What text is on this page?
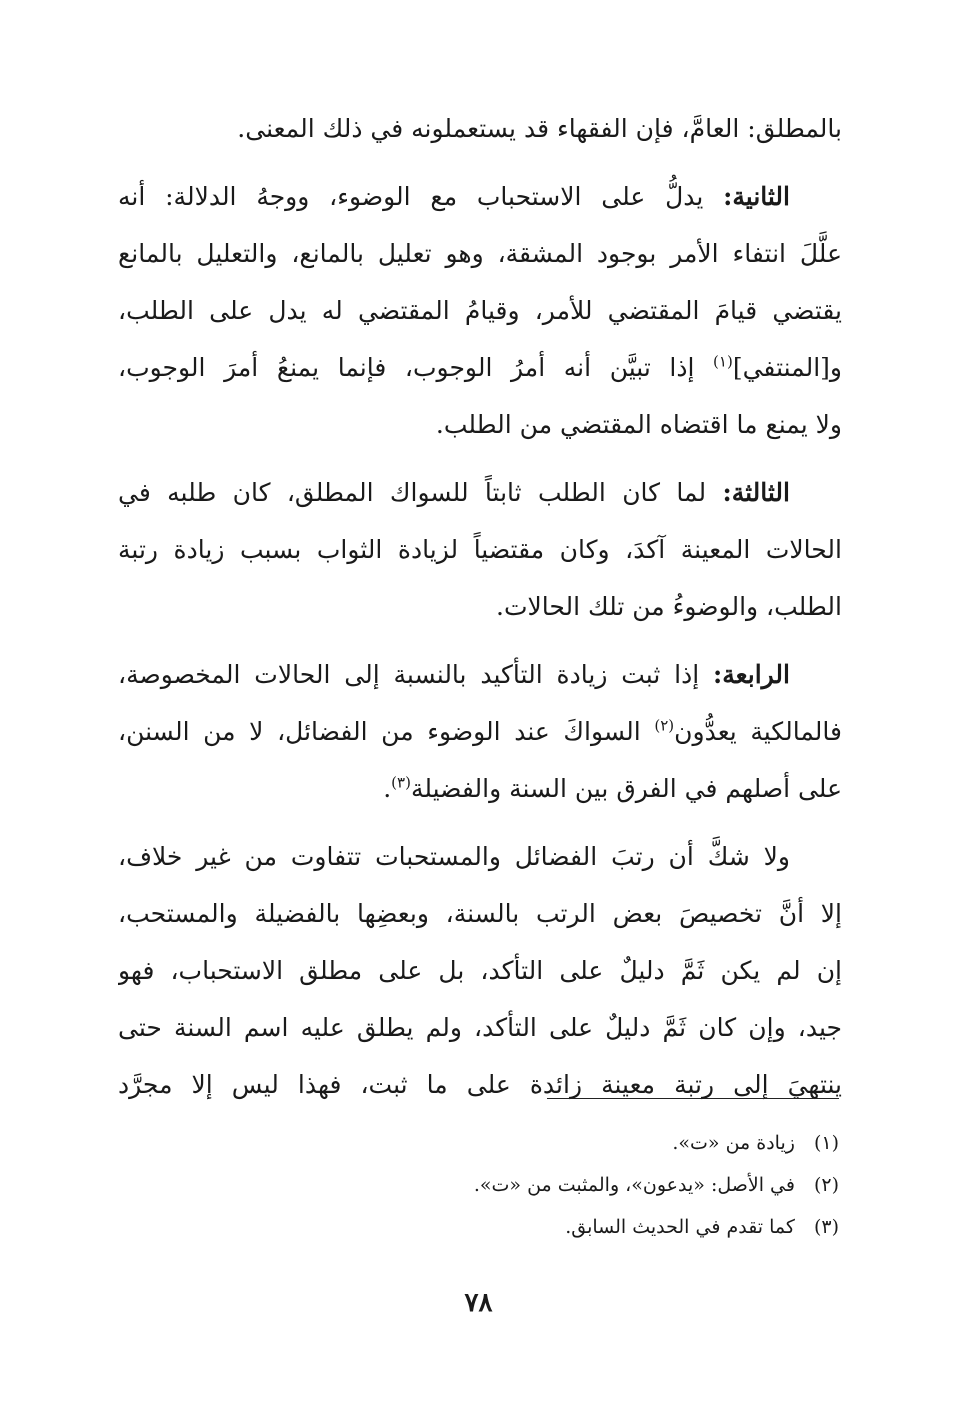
بالمطلق: العامَّ، فإن الفقهاء قد يستعملونه في ذلك المعنى.
الثانية: يدلُّ على الاستحباب مع الوضوء، ووجهُ الدلالة: أنه
علَّلَ انتفاء الأمر بوجود المشقة، وهو تعليل بالمانع، والتعليل بالمانع
يقتضي قيامَ المقتضي للأمر، وقيامُ المقتضي له يدل على الطلب،
و[المنتفي]$^{(١)}$ إذا تبيَّن أنه أمرُ الوجوب، فإنما يمنعُ أمرَ الوجوب،
ولا يمنع ما اقتضاه المقتضي من الطلب.
الثالثة: لما كان الطلب ثابتاً للسواك المطلق، كان طلبه في
الحالات المعينة آكدَ، وكان مقتضياً لزيادة الثواب بسبب زيادة رتبة
الطلب، والوضوءُ من تلك الحالات.
الرابعة: إذا ثبت زيادة التأكيد بالنسبة إلى الحالات المخصوصة،
فالمالكية يعدُّون$^{(٢)}$ السواكَ عند الوضوء من الفضائل، لا من السنن،
على أصلهم في الفرق بين السنة والفضيلة$^{(٣)}$.
ولا شكَّ أن رتبَ الفضائل والمستحبات تتفاوت من غير خلاف،
إلا أنَّ تخصيصَ بعض الرتب بالسنة، وبعضِها بالفضيلة والمستحب،
إن لم يكن ثَمَّ دليلٌ على التأكد، بل على مطلق الاستحباب، فهو
جيد، وإن كان ثَمَّ دليلٌ على التأكد، ولم يطلق عليه اسم السنة حتى
ينتهيَ إلى رتبة معينة زائدة على ما ثبت، فهذا ليس إلا مجرَّد
(١) زيادة من «ت».
(٢) في الأصل: «يدعون»، والمثبت من «ت».
(٣) كما تقدم في الحديث السابق.
٧٨
